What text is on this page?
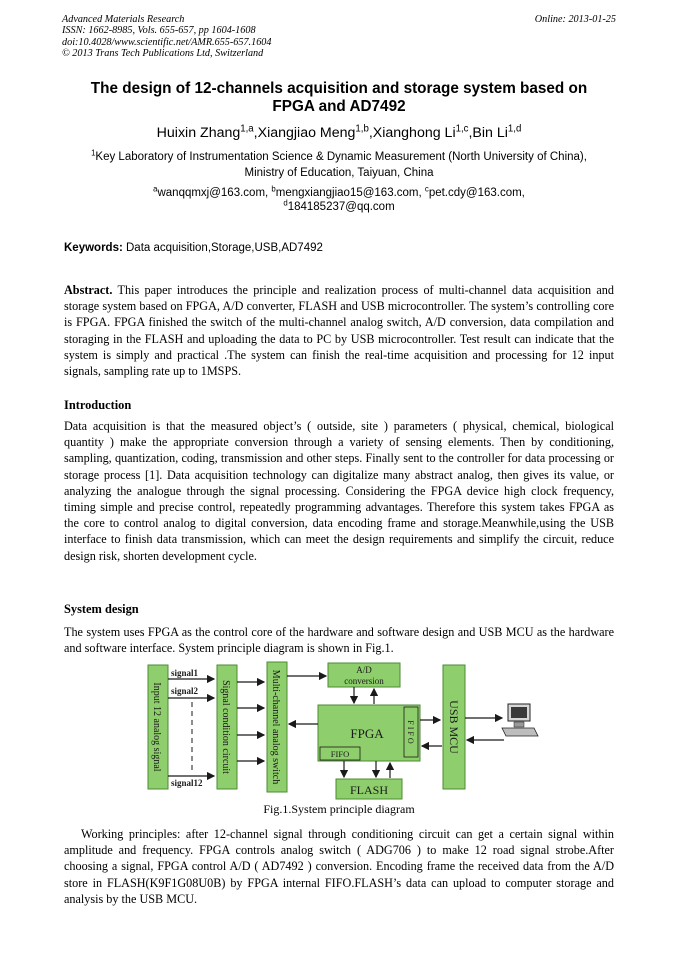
Advanced Materials Research
ISSN: 1662-8985, Vols. 655-657, pp 1604-1608
doi:10.4028/www.scientific.net/AMR.655-657.1604
© 2013 Trans Tech Publications Ltd, Switzerland
Online: 2013-01-25
The design of 12-channels acquisition and storage system based on
FPGA and AD7492
Huixin Zhang$^{1,a}$,Xiangjiao Meng$^{1,b}$,Xianghong Li$^{1,c}$,Bin Li$^{1,d}$
$^1$Key Laboratory of Instrumentation Science & Dynamic Measurement (North University of China),
Ministry of Education, Taiyuan, China
$^a$wanqqmxj@163.com, $^b$mengxiangjiao15@163.com, $^c$pet.cdy@163.com,
$^d$184185237@qq.com
Keywords: Data acquisition,Storage,USB,AD7492

Abstract. This paper introduces the principle and realization process of multi-channel data acquisition and storage system based on FPGA, A/D converter, FLASH and USB microcontroller. The system’s controlling core is FPGA. FPGA finished the switch of the multi-channel analog switch, A/D conversion, data compilation and storaging in the FLASH and uploading the data to PC by USB microcontroller. Test result can indicate that the system is simply and practical .The system can finish the real-time acquisition and processing for 12 input signals, sampling rate up to 1MSPS.

Introduction

Data acquisition is that the measured object’s ( outside, site ) parameters ( physical, chemical, biological quantity ) make the appropriate conversion through a variety of sensing elements. Then by conditioning, sampling, quantization, coding, transmission and other steps. Finally sent to the controller for data processing or storage process [1]. Data acquisition technology can digitalize many abstract analog, then gives its value, or analyzing the analogue through the signal processing. Considering the FPGA device high clock frequency, timing simple and precise control, repeatedly programming advantages. Therefore this system takes FPGA as the core to control analog to digital conversion, data encoding frame and storage.Meanwhile,using the USB interface to finish data transmission, which can meet the design requirements and simplify the circuit, reduce design risk, shorten development cycle.

System design

The system uses FPGA as the control core of the hardware and software design and USB MCU as the hardware and software interface. System principle diagram is shown in Fig.1.

Input 12 analog signal
signal1
signal2
signal12
Signal condition circuit	Multi-channel analog switch	A/D
conversion
FPGA	F I F O
FIFO
FLASH
USB MCU
Fig.1.System principle diagram

Working principles: after 12-channel signal through conditioning circuit can get a certain signal within amplitude and frequency. FPGA controls analog switch ( ADG706 ) to make 12 road signal strobe.After choosing a signal, FPGA control A/D ( AD7492 ) conversion. Encoding frame the received data from the A/D store in FLASH(K9F1G08U0B) by FPGA internal FIFO.FLASH’s data can upload to computer storage and analysis by the USB MCU.
